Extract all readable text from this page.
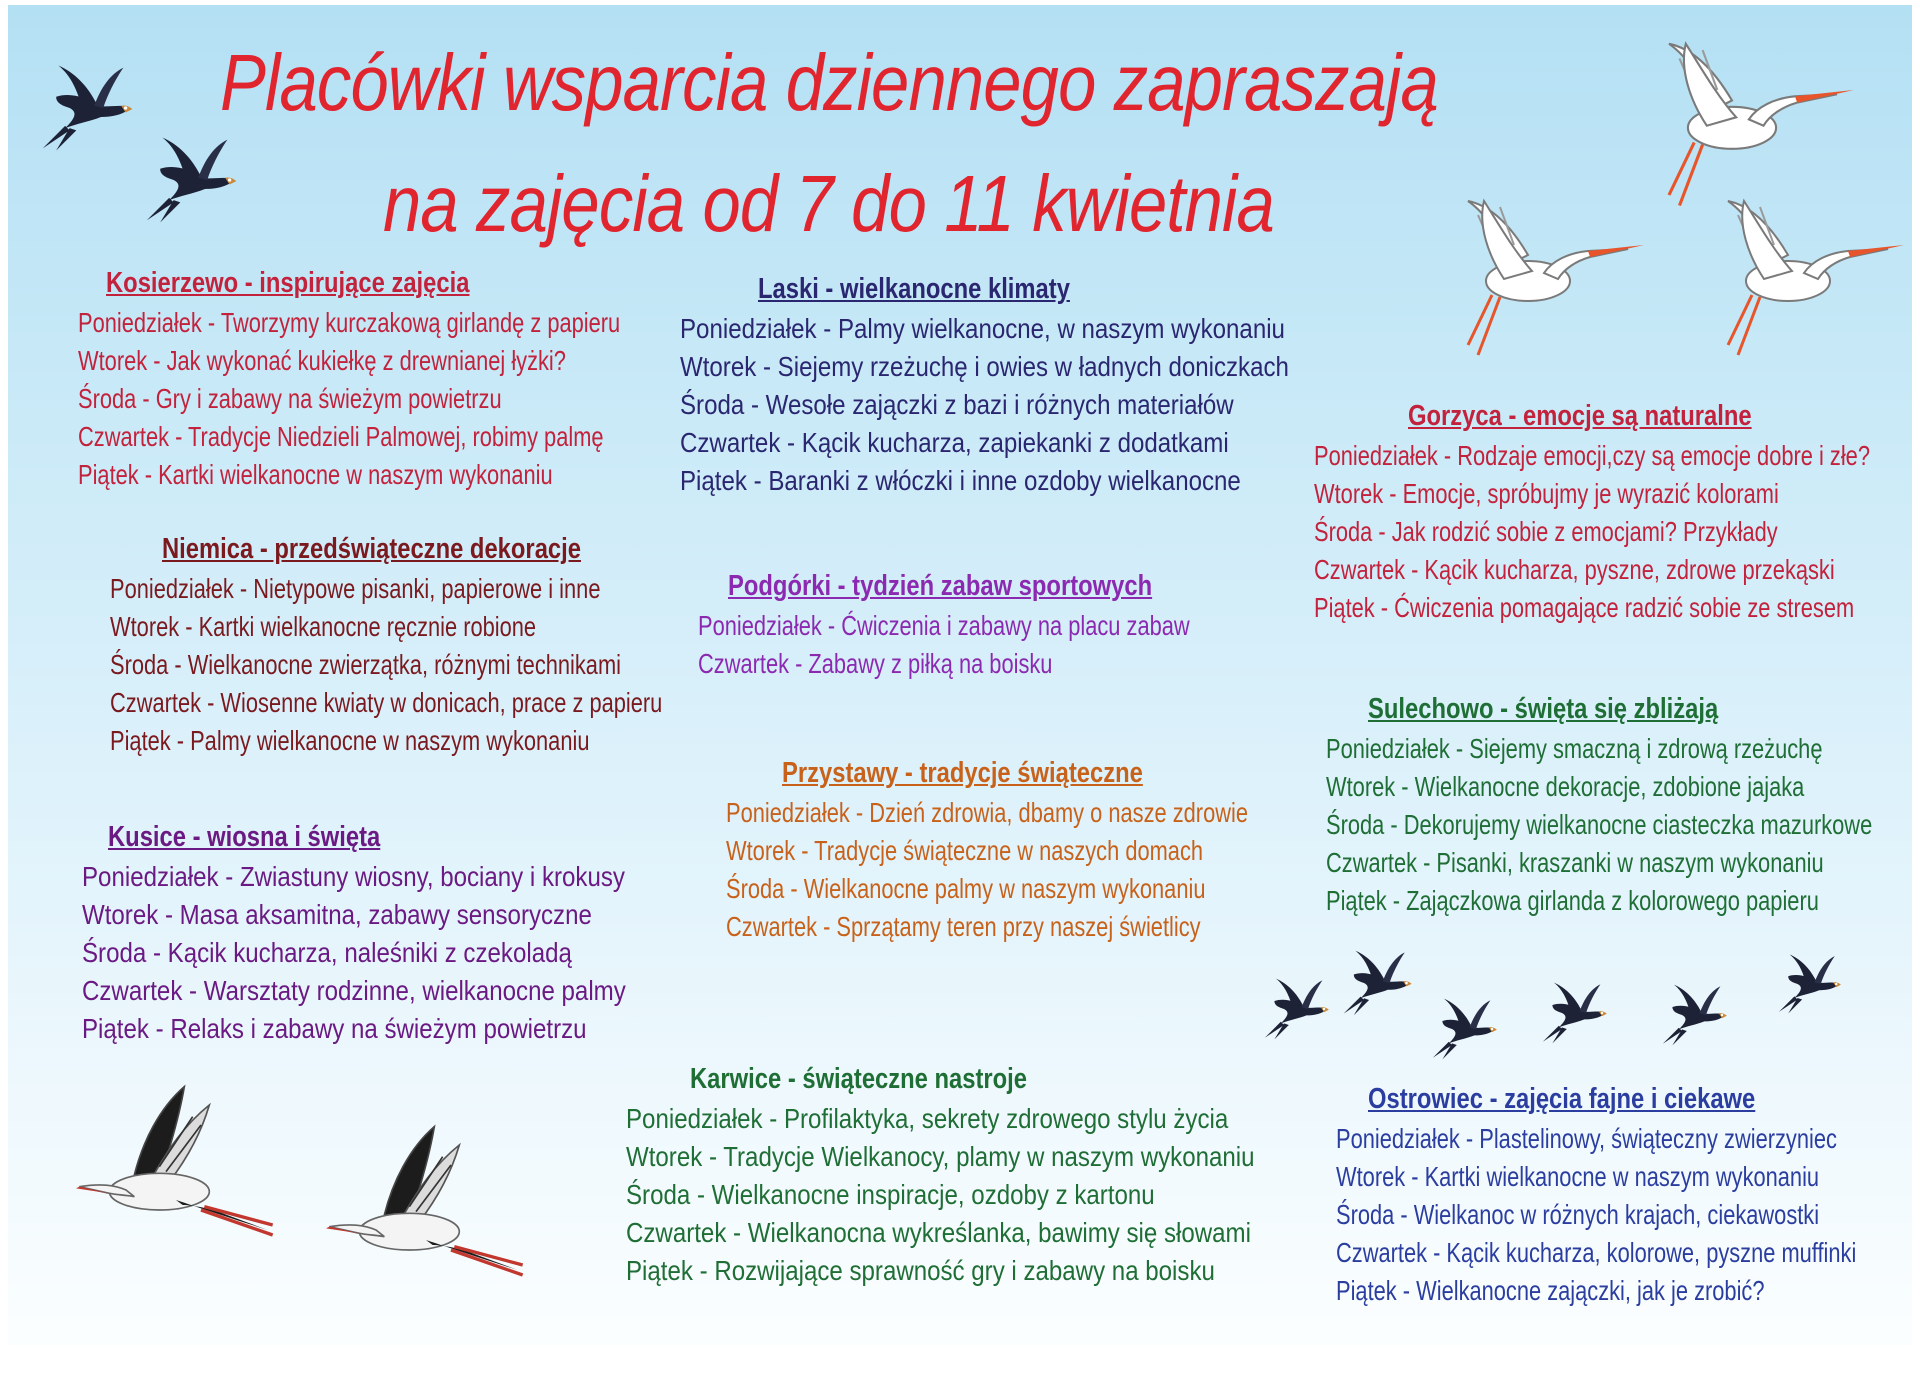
Placówki wsparcia dziennego zapraszają
na zajęcia od 7 do 11 kwietnia
Kosierzewo - inspirujące zajęcia
Poniedziałek - Tworzymy kurczakową girlandę z papieru
Wtorek - Jak wykonać kukiełkę z drewnianej łyżki?
Środa - Gry i zabawy na świeżym powietrzu
Czwartek - Tradycje Niedzieli Palmowej, robimy palmę
Piątek - Kartki wielkanocne w naszym wykonaniu
Niemica - przedświąteczne dekoracje
Poniedziałek - Nietypowe pisanki, papierowe i inne
Wtorek - Kartki wielkanocne ręcznie robione
Środa - Wielkanocne zwierzątka, różnymi technikami
Czwartek - Wiosenne kwiaty w donicach, prace z papieru
Piątek - Palmy wielkanocne w naszym wykonaniu
Kusice - wiosna i święta
Poniedziałek - Zwiastuny wiosny, bociany i krokusy
Wtorek - Masa aksamitna, zabawy sensoryczne
Środa - Kącik kucharza, naleśniki z czekoladą
Czwartek - Warsztaty rodzinne, wielkanocne palmy
Piątek - Relaks i zabawy na świeżym powietrzu
Laski - wielkanocne klimaty
Poniedziałek - Palmy wielkanocne, w naszym wykonaniu
Wtorek - Siejemy rzeżuchę i owies w ładnych doniczkach
Środa - Wesołe zajączki z bazi i różnych materiałów
Czwartek - Kącik kucharza, zapiekanki z dodatkami
Piątek - Baranki z włóczki i inne ozdoby wielkanocne
Podgórki - tydzień zabaw sportowych
Poniedziałek - Ćwiczenia i zabawy na placu zabaw
Czwartek - Zabawy z piłką na boisku
Przystawy - tradycje świąteczne
Poniedziałek - Dzień zdrowia, dbamy o nasze zdrowie
Wtorek - Tradycje świąteczne w naszych domach
Środa - Wielkanocne palmy w naszym wykonaniu
Czwartek - Sprzątamy teren przy naszej świetlicy
Karwice - świąteczne nastroje
Poniedziałek - Profilaktyka, sekrety zdrowego stylu życia
Wtorek - Tradycje Wielkanocy, plamy w naszym wykonaniu
Środa - Wielkanocne inspiracje, ozdoby z kartonu
Czwartek - Wielkanocna wykreślanka, bawimy się słowami
Piątek - Rozwijające sprawność gry i zabawy na boisku
Gorzyca - emocje są naturalne
Poniedziałek - Rodzaje emocji,czy są emocje dobre i złe?
Wtorek - Emocje, spróbujmy je wyrazić kolorami
Środa - Jak rodzić sobie z emocjami? Przykłady
Czwartek - Kącik kucharza, pyszne, zdrowe przekąski
Piątek - Ćwiczenia pomagające radzić sobie ze stresem
Sulechowo - święta się zbliżają
Poniedziałek - Siejemy smaczną i zdrową rzeżuchę
Wtorek - Wielkanocne dekoracje, zdobione jajaka
Środa - Dekorujemy wielkanocne ciasteczka mazurkowe
Czwartek - Pisanki, kraszanki w naszym wykonaniu
Piątek - Zajączkowa girlanda z kolorowego papieru
Ostrowiec - zajęcia fajne i ciekawe
Poniedziałek - Plastelinowy, świąteczny zwierzyniec
Wtorek - Kartki wielkanocne w naszym wykonaniu
Środa - Wielkanoc w różnych krajach, ciekawostki
Czwartek - Kącik kucharza, kolorowe, pyszne muffinki
Piątek - Wielkanocne zajączki, jak je zrobić?
